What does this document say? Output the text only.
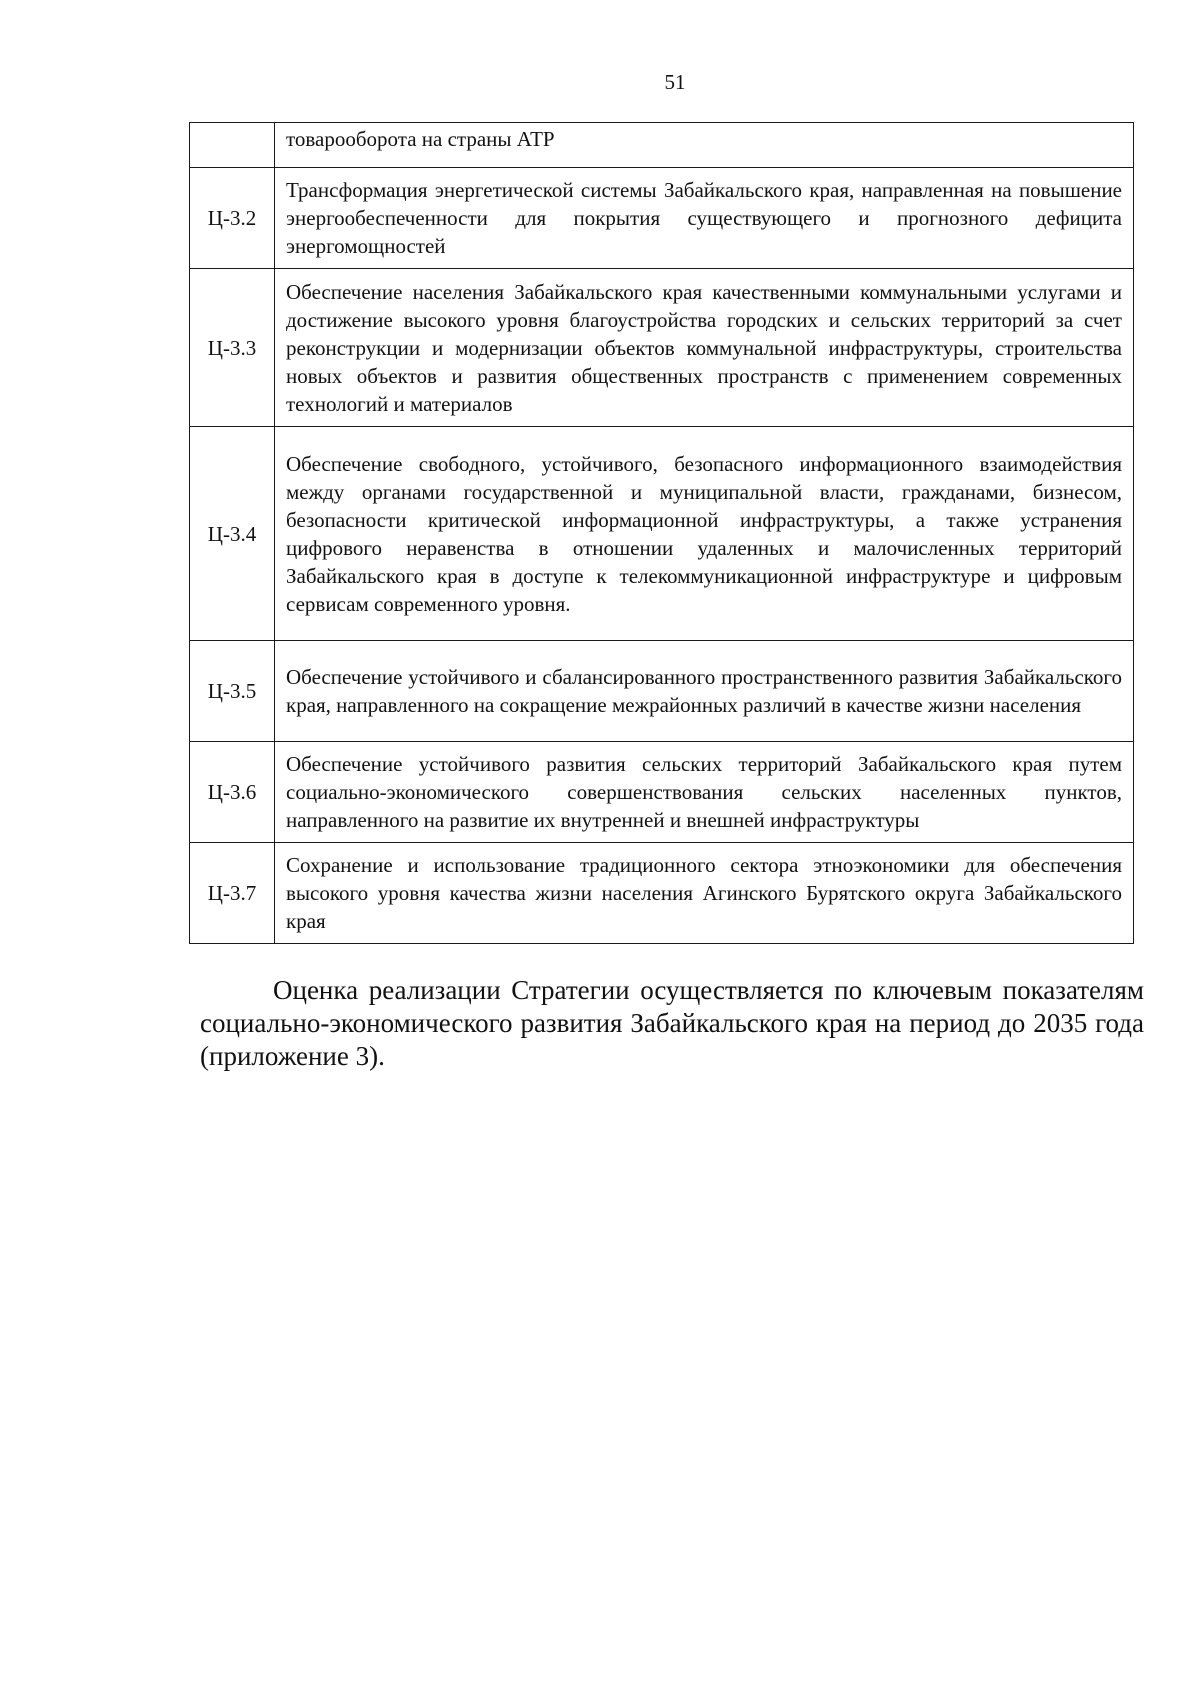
51
	товарооборота на страны АТР
Ц-3.2	Трансформация энергетической системы Забайкальского края, направленная на повышение энергообеспеченности для покрытия существующего и прогнозного дефицита энергомощностей
Ц-3.3	Обеспечение населения Забайкальского края качественными коммунальными услугами и достижение высокого уровня благоустройства городских и сельских территорий за счет реконструкции и модернизации объектов коммунальной инфраструктуры, строительства новых объектов и развития общественных пространств с применением современных технологий и материалов
Ц-3.4	Обеспечение свободного, устойчивого, безопасного информационного взаимодействия между органами государственной и муниципальной власти, гражданами, бизнесом, безопасности критической информационной инфраструктуры, а также устранения цифрового неравенства в отношении удаленных и малочисленных территорий Забайкальского края в доступе к телекоммуникационной инфраструктуре и цифровым сервисам современного уровня.
Ц-3.5	Обеспечение устойчивого и сбалансированного пространственного развития Забайкальского края, направленного на сокращение межрайонных различий в качестве жизни населения
Ц-3.6	Обеспечение устойчивого развития сельских территорий Забайкальского края путем социально-экономического совершенствования сельских населенных пунктов, направленного на развитие их внутренней и внешней инфраструктуры
Ц-3.7	Сохранение и использование традиционного сектора этноэкономики для обеспечения высокого уровня качества жизни населения Агинского Бурятского округа Забайкальского края

Оценка реализации Стратегии осуществляется по ключевым показателям социально-экономического развития Забайкальского края на период до 2035 года (приложение 3).
